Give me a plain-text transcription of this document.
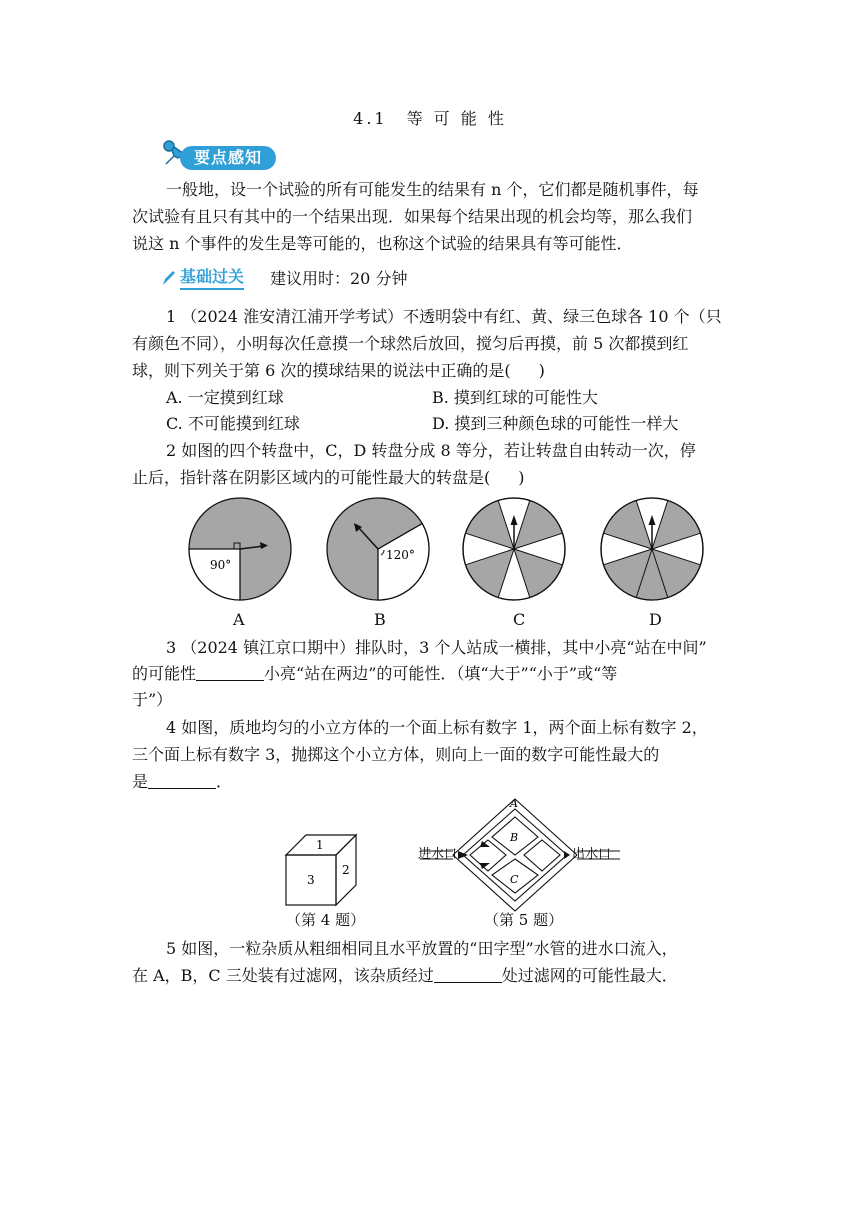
4.1　等 可 能 性
要点感知
一般地，设一个试验的所有可能发生的结果有 n 个，它们都是随机事件，每
次试验有且只有其中的一个结果出现．如果每个结果出现的机会均等，那么我们
说这 n 个事件的发生是等可能的，也称这个试验的结果具有等可能性．
基础过关 建议用时：20 分钟
1 （2024 淮安清江浦开学考试）不透明袋中有红、黄、绿三色球各 10 个（只
有颜色不同），小明每次任意摸一个球然后放回，搅匀后再摸，前 5 次都摸到红
球，则下列关于第 6 次的摸球结果的说法中正确的是( )
A. 一定摸到红球	B. 摸到红球的可能性大
C. 不可能摸到红球	D. 摸到三种颜色球的可能性一样大
2 如图的四个转盘中，C，D 转盘分成 8 等分，若让转盘自由转动一次，停
止后，指针落在阴影区域内的可能性最大的转盘是( )
90°
A
120°
B	C	D
3 （2024 镇江京口期中）排队时，3 个人站成一横排，其中小亮“站在中间”
的可能性	小亮“站在两边”的可能性．（填“大于”“小于”或“等
于”）
4 如图，质地均匀的小立方体的一个面上标有数字 1，两个面上标有数字 2，
三个面上标有数字 3，抛掷这个小立方体，则向上一面的数字可能性最大的
是	．
1
3
2
（第 4 题）
A
B
C
进水口	出水口
（第 5 题）
5 如图，一粒杂质从粗细相同且水平放置的“田字型”水管的进水口流入，
在 A，B，C 三处装有过滤网，该杂质经过	处过滤网的可能性最大．
